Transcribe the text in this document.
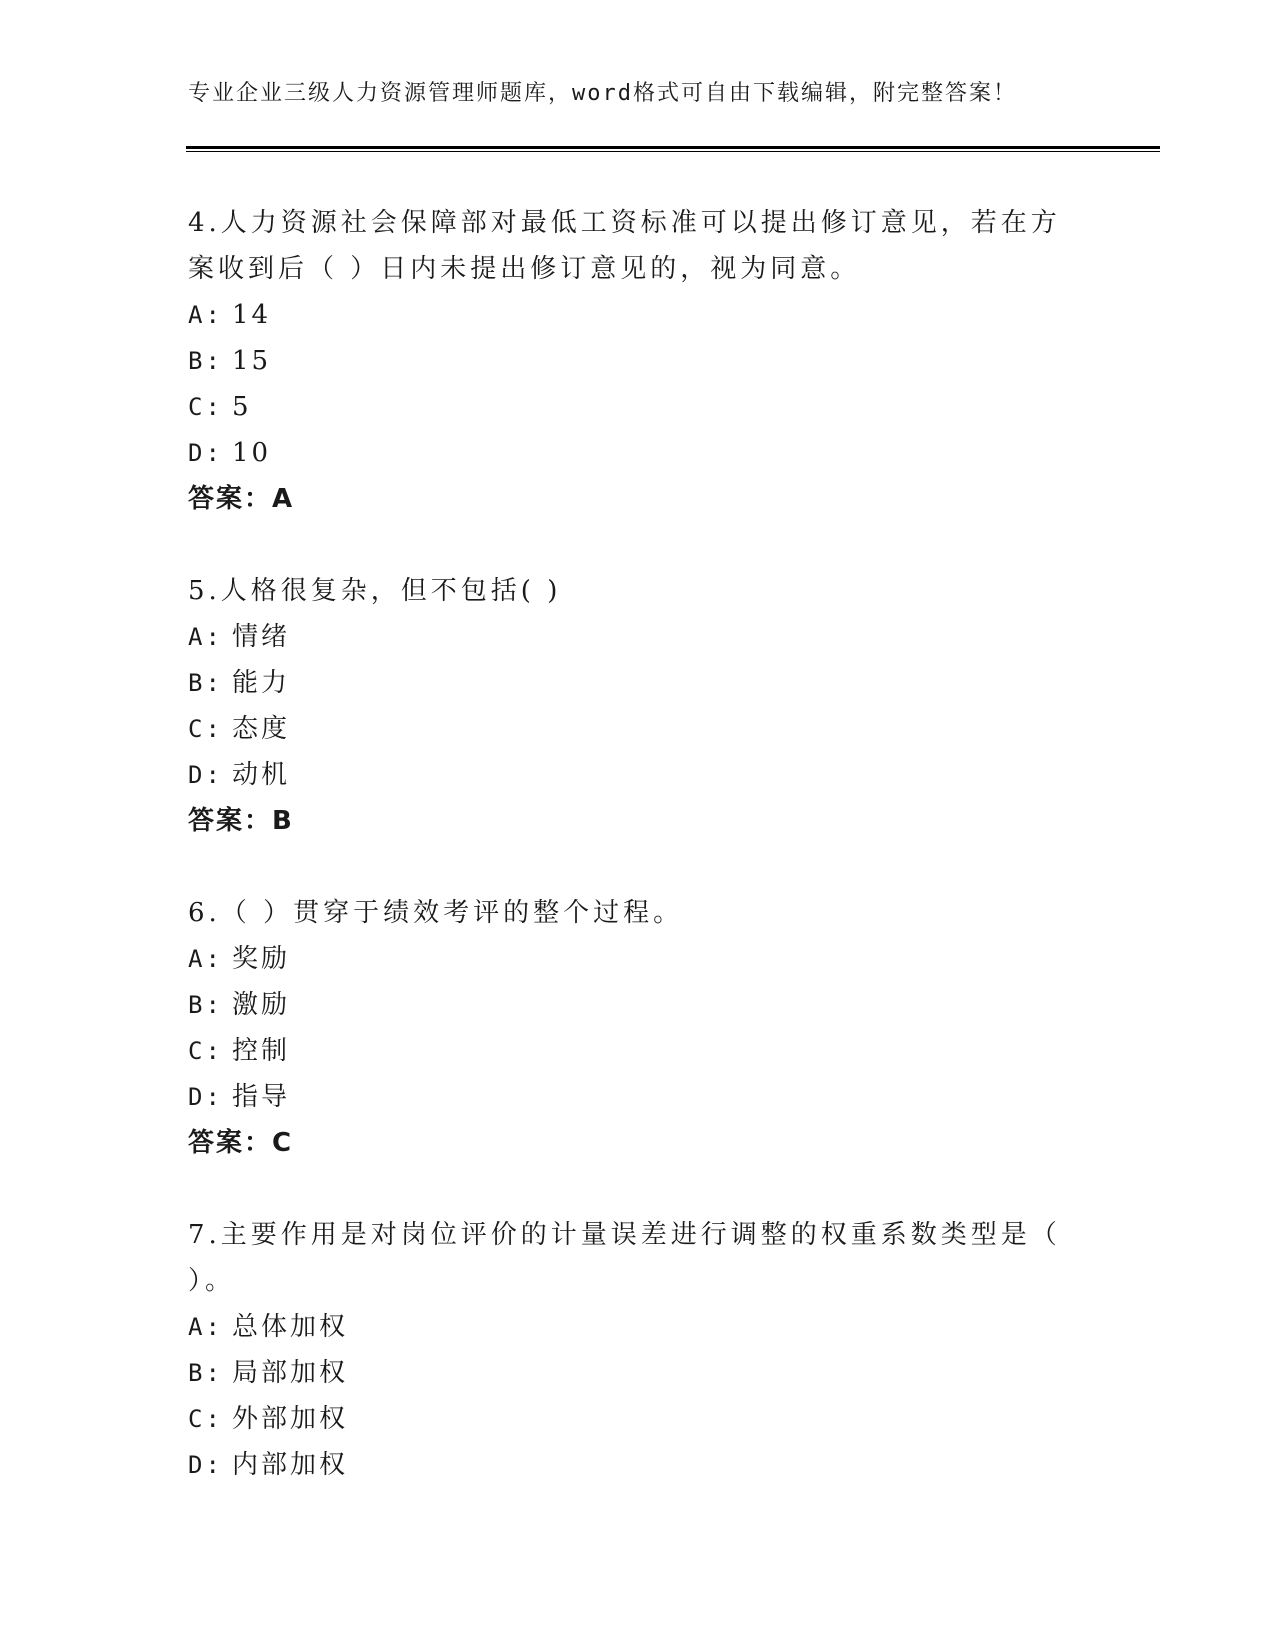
专业企业三级人力资源管理师题库，word格式可自由下载编辑，附完整答案！
4.人力资源社会保障部对最低工资标准可以提出修订意见，若在方案收到后（ ）日内未提出修订意见的，视为同意。
A: 14
B: 15
C: 5
D: 10
答案：A
5.人格很复杂，但不包括( )
A: 情绪
B: 能力
C: 态度
D: 动机
答案：B
6.（ ）贯穿于绩效考评的整个过程。
A: 奖励
B: 激励
C: 控制
D: 指导
答案：C
7.主要作用是对岗位评价的计量误差进行调整的权重系数类型是（ ）。
A: 总体加权
B: 局部加权
C: 外部加权
D: 内部加权
